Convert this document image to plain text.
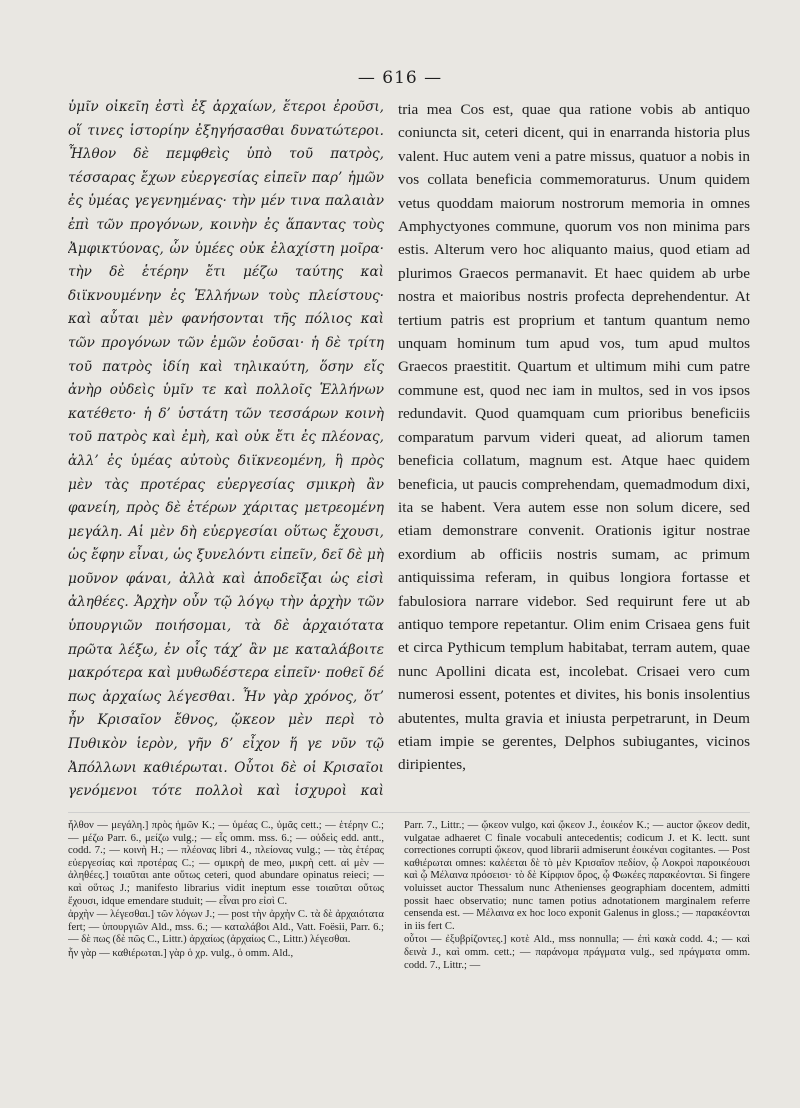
— 616 —
ὑμῖν οἰκεῖη ἐστὶ ἐξ ἀρχαίων, ἕτεροι ἐροῦσι, οἵ τινες ἱστορίην ἐξηγήσασθαι δυνατώτεροι. Ἦλθον δὲ πεμφθεὶς ὑπὸ τοῦ πατρὸς, τέσσαρας ἔχων εὐεργεσίας εἰπεῖν παρ’ ἡμῶν ἐς ὑμέας γεγενημένας· τὴν μέν τινα παλαιὰν ἐπὶ τῶν προγόνων, κοινὴν ἐς ἅπαντας τοὺς Ἀμφικτύονας, ὧν ὑμέες οὐκ ἐλαχίστη μοῖρα· τὴν δὲ ἑτέρην ἔτι μέζω ταύτης καὶ διϊκνουμένην ἐς Ἑλλήνων τοὺς πλείστους· καὶ αὗται μὲν φανήσονται τῆς πόλιος καὶ τῶν προγόνων τῶν ἐμῶν ἐοῦσαι· ἡ δὲ τρίτη τοῦ πατρὸς ἰδίη καὶ τηλικαύτη, ὅσην εἴς ἀνὴρ οὐδεὶς ὑμῖν τε καὶ πολλοῖς Ἑλλήνων κατέθετο· ἡ δ’ ὑστάτη τῶν τεσσάρων κοινὴ τοῦ πατρὸς καὶ ἐμὴ, καὶ οὐκ ἔτι ἐς πλέονας, ἀλλ’ ἐς ὑμέας αὐτοὺς διϊκνεομένη, ἣ πρὸς μὲν τὰς προτέρας εὐεργεσίας σμικρὴ ἂν φανείη, πρὸς δὲ ἑτέρων χάριτας μετρεομένη μεγάλη. Αἱ μὲν δὴ εὐεργεσίαι οὕτως ἔχουσι, ὡς ἔφην εἶναι, ὡς ξυνελόντι εἰπεῖν, δεῖ δὲ μὴ μοῦνον φάναι, ἀλλὰ καὶ ἀποδεῖξαι ὡς εἰσὶ ἀληθέες. Ἀρχὴν οὖν τῷ λόγῳ τὴν ἀρχὴν τῶν ὑπουργιῶν ποιήσομαι, τὰ δὲ ἀρχαιότατα πρῶτα λέξω, ἐν οἷς τάχ’ ἂν με καταλάβοιτε μακρότερα καὶ μυθωδέστερα εἰπεῖν· ποθεῖ δέ πως ἀρχαίως λέγεσθαι. Ἦν γὰρ χρόνος, ὅτ’ ἦν Κρισαῖον ἔθνος, ᾤκεον μὲν περὶ τὸ Πυθικὸν ἱερὸν, γῆν δ’ εἶχον ἥ γε νῦν τῷ Ἀπόλλωνι καθιέρωται. Οὗτοι δὲ οἱ Κρισαῖοι γενόμενοι τότε πολλοὶ καὶ ἰσχυροὶ καὶ
tria mea Cos est, quae qua ratione vobis ab antiquo coniuncta sit, ceteri dicent, qui in enarranda historia plus valent. Huc autem veni a patre missus, quatuor a nobis in vos collata beneficia commemoraturus. Unum quidem vetus quoddam maiorum nostrorum memoria in omnes Amphyctyones commune, quorum vos non minima pars estis. Alterum vero hoc aliquanto maius, quod etiam ad plurimos Graecos permanavit. Et haec quidem ab urbe nostra et maioribus nostris profecta deprehendentur. At tertium patris est proprium et tantum quantum nemo unquam hominum tum apud vos, tum apud multos Graecos praestitit. Quartum et ultimum mihi cum patre commune est, quod nec iam in multos, sed in vos ipsos redundavit. Quod quamquam cum prioribus beneficiis comparatum parvum videri queat, ad aliorum tamen beneficia collatum, magnum est. Atque haec quidem beneficia, ut paucis comprehendam, quemadmodum dixi, ita se habent. Vera autem esse non solum dicere, sed etiam demonstrare convenit. Orationis igitur nostrae exordium ab officiis nostris sumam, ac primum antiquissima referam, in quibus longiora fortasse et fabulosiora narrare videbor. Sed requirunt fere ut ab antiquo tempore repetantur. Olim enim Crisaea gens fuit et circa Pythicum templum habitabat, terram autem, quae nunc Apollini dicata est, incolebat. Crisaei vero cum numerosi essent, potentes et divites, his bonis insolentius abutentes, multa gravia et iniusta perpetrarunt, in Deum etiam impie se gerentes, Delphos subiugantes, vicinos diripientes,

ἦλθον — μεγάλη.] πρὸς ἡμῶν K.; — ὑμέας C., ὑμᾶς cett.; — ἑτέρην C.; — μέζω Parr. 6., μείζω vulg.; — εἷς omm. mss. 6.; — οὐδεὶς edd. antt., codd. 7.; — κοινὴ H.; — πλέονας libri 4., πλείονας vulg.; — τὰς ἑτέρας εὐεργεσίας καὶ προτέρας C.; — σμικρὴ de meo, μικρὴ cett. αἱ μὲν — ἀληθέες.] τοιαῦται ante οὕτως ceteri, quod abundare opinatus reieci; — καὶ οὕτως J.; manifesto librarius vidit ineptum esse τοιαῦται οὕτως ἔχουσι, idque emendare studuit; — εἶναι pro εἰσὶ C.

ἀρχὴν — λέγεσθαι.] τῶν λόγων J.; — post τὴν ἀρχὴν C. τὰ δὲ ἀρχαιότατα fert; — ὑπουργιῶν Ald., mss. 6.; — καταλάβοι Ald., Vatt. Foësii, Parr. 6.; — δὲ πως (δὲ πῶς C., Littr.) ἀρχαίως (ἀρχαίως C., Littr.) λέγεσθαι.

ἦν γὰρ — καθιέρωται.] γὰρ ὁ χρ. vulg., ὁ omm. Ald.,

Parr. 7., Littr.; — ᾤκεον vulgo, καὶ ᾤκεον J., ἐοικέον K.; — auctor ᾤκεον dedit, vulgatae adhaeret C finale vocabuli antecedentis; codicum J. et K. lectt. sunt correctiones corrupti ᾤκεον, quod librarii admiserunt ἐοικέναι cogitantes. — Post καθιέρωται omnes: καλέεται δὲ τὸ μὲν Κρισαῖον πεδίον, ᾧ Λοκροὶ παροικέουσι καὶ ᾧ Μέλαινα πρόσεισι· τὸ δὲ Κίρφιον ὄρος, ᾧ Φωκέες παρακέονται. Si fingere voluisset auctor Thessalum nunc Athenienses geographiam docentem, admitti possit haec observatio; nunc tamen potius adnotationem marginalem referre censenda est. — Μέλαινα ex hoc loco exponit Galenus in gloss.; — παρακέονται in iis fert C.

οὗτοι — ἐξυβρίζοντες.] κοτὲ Ald., mss nonnulla; — ἐπὶ κακὰ codd. 4.; — καὶ δεινὰ J., καὶ omm. cett.; — παράνομα πράγματα vulg., sed πράγματα omm. codd. 7., Littr.; —
